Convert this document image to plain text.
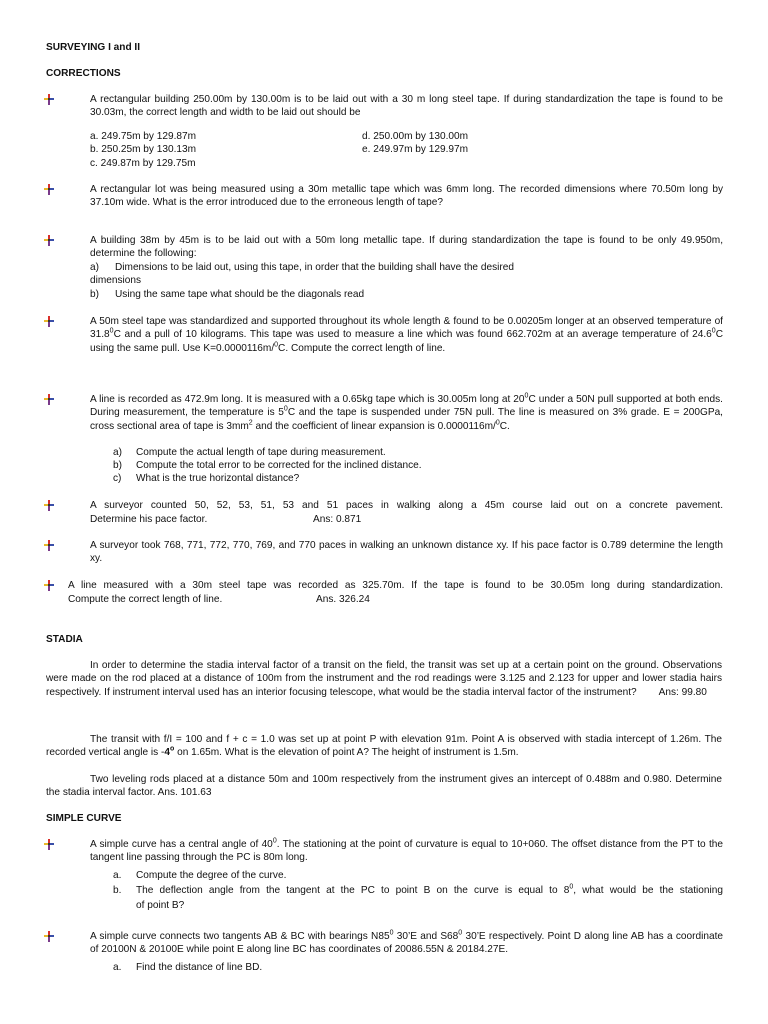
SURVEYING I and II
CORRECTIONS
A rectangular building 250.00m by 130.00m is to be laid out with a 30 m long steel tape. If during standardization the tape is found to be 30.03m, the correct length and width to be laid out should be
a. 249.75m by 129.87m
b. 250.25m by 130.13m
c. 249.87m by 129.75m
d. 250.00m by 130.00m
e. 249.97m by 129.97m
A rectangular lot was being measured using a 30m metallic tape which was 6mm long. The recorded dimensions where 70.50m long by 37.10m wide. What is the error introduced due to the erroneous length of tape?
A building 38m by 45m is to be laid out with a 50m long metallic tape. If during standardization the tape is found to be only 49.950m, determine the following:
a) Dimensions to be laid out, using this tape, in order that the building shall have the desired
dimensions
b) Using the same tape what should be the diagonals read
A 50m steel tape was standardized and supported throughout its whole length & found to be 0.00205m longer at an observed temperature of 31.8$^0$C and a pull of 10 kilograms. This tape was used to measure a line which was found 662.702m at an average temperature of 24.6$^0$C using the same pull. Use K=0.0000116m/$^0$C. Compute the correct length of line.
A line is recorded as 472.9m long. It is measured with a 0.65kg tape which is 30.005m long at $20^0C$ under a 50N pull supported at both ends. During measurement, the temperature is $5^0C$ and the tape is suspended under 75N pull. The line is measured on 3% grade. E = 200GPa, cross sectional area of tape is $3mm^2$ and the coefficient of linear expansion is 0.0000116m/$^0$C.
a) Compute the actual length of tape during measurement.
b) Compute the total error to be corrected for the inclined distance.
c) What is the true horizontal distance?
A surveyor counted 50, 52, 53, 51, 53 and 51 paces in walking along a 45m course laid out on a concrete pavement.
Determine his pace factor.	Ans: 0.871
A surveyor took 768, 771, 772, 770, 769, and 770 paces in walking an unknown distance xy. If his pace factor is 0.789 determine the length xy.
A line measured with a 30m steel tape was recorded as 325.70m. If the tape is found to be 30.05m long during standardization.
Compute the correct length of line.	Ans. 326.24
STADIA
In order to determine the stadia interval factor of a transit on the field, the transit was set up at a certain point on the ground. Observations were made on the rod placed at a distance of 100m from the instrument and the rod readings were 3.125 and 2.123 for upper and lower stadia hairs respectively. If instrument interval used has an interior focusing telescope, what would be the stadia interval factor of the instrument? Ans: 99.80
The transit with f/I = 100 and f + c = 1.0 was set up at point P with elevation 91m. Point A is observed with stadia intercept of 1.26m. The recorded vertical angle is -4$^o$ on 1.65m. What is the elevation of point A? The height of instrument is 1.5m.
Two leveling rods placed at a distance 50m and 100m respectively from the instrument gives an intercept of 0.488m and 0.980. Determine the stadia interval factor. Ans. 101.63
SIMPLE CURVE
A simple curve has a central angle of $40^0$. The stationing at the point of curvature is equal to 10+060. The offset distance from the PT to the tangent line passing through the PC is 80m long.
a. Compute the degree of the curve.
b. The deflection angle from the tangent at the PC to point B on the curve is equal to $8^0$, what would be the stationing
of point B?
A simple curve connects two tangents AB & BC with bearings $N85^0$ 30’E and $S68^0$ 30’E respectively. Point D along line AB has a coordinate of 20100N & 20100E while point E along line BC has coordinates of 20086.55N & 20184.27E.
a. Find the distance of line BD.
